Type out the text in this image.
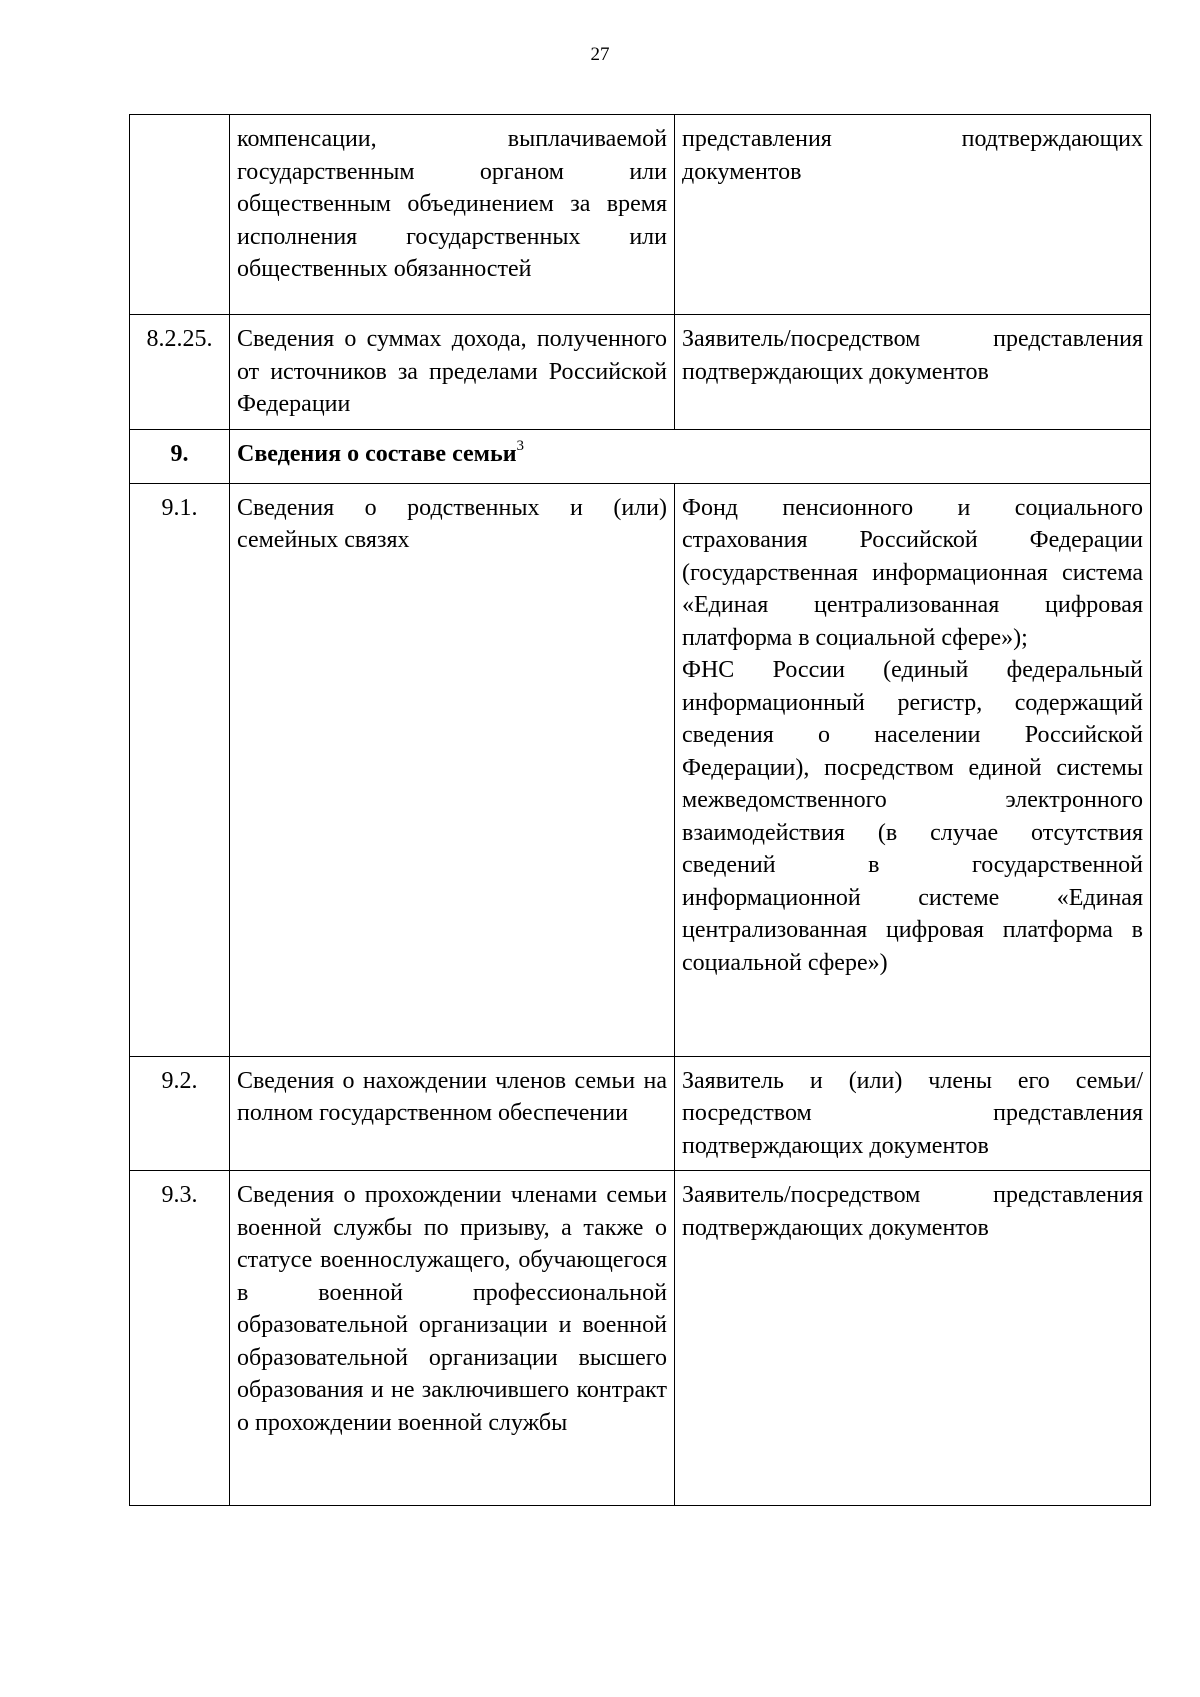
27
	компенсации, выплачиваемой государственным органом или общественным объединением за время исполнения государственных или общественных обязанностей	представления подтверждающих документов
8.2.25.	Сведения о суммах дохода, полученного от источников за пределами Российской Федерации	Заявитель/посредством представления подтверждающих документов
9.	Сведения о составе семьи$^3$
9.1.	Сведения о родственных и (или) семейных связях	Фонд пенсионного и социального страхования Российской Федерации (государственная информационная система «Единая централизованная цифровая платформа в социальной сфере»);
ФНС России (единый федеральный информационный регистр, содержащий сведения о населении Российской Федерации), посредством единой системы межведомственного электронного взаимодействия (в случае отсутствия сведений в государственной информационной системе «Единая централизованная цифровая платформа в социальной сфере»)

9.2.	Сведения о нахождении членов семьи на полном государственном обеспечении	Заявитель и (или) члены его семьи/посредством представления подтверждающих документов

9.3.	Сведения о прохождении членами семьи военной службы по призыву, а также о статусе военнослужащего, обучающегося в военной профессиональной образовательной организации и военной образовательной организации высшего образования и не заключившего контракт о прохождении военной службы	Заявитель/посредством представления подтверждающих документов
